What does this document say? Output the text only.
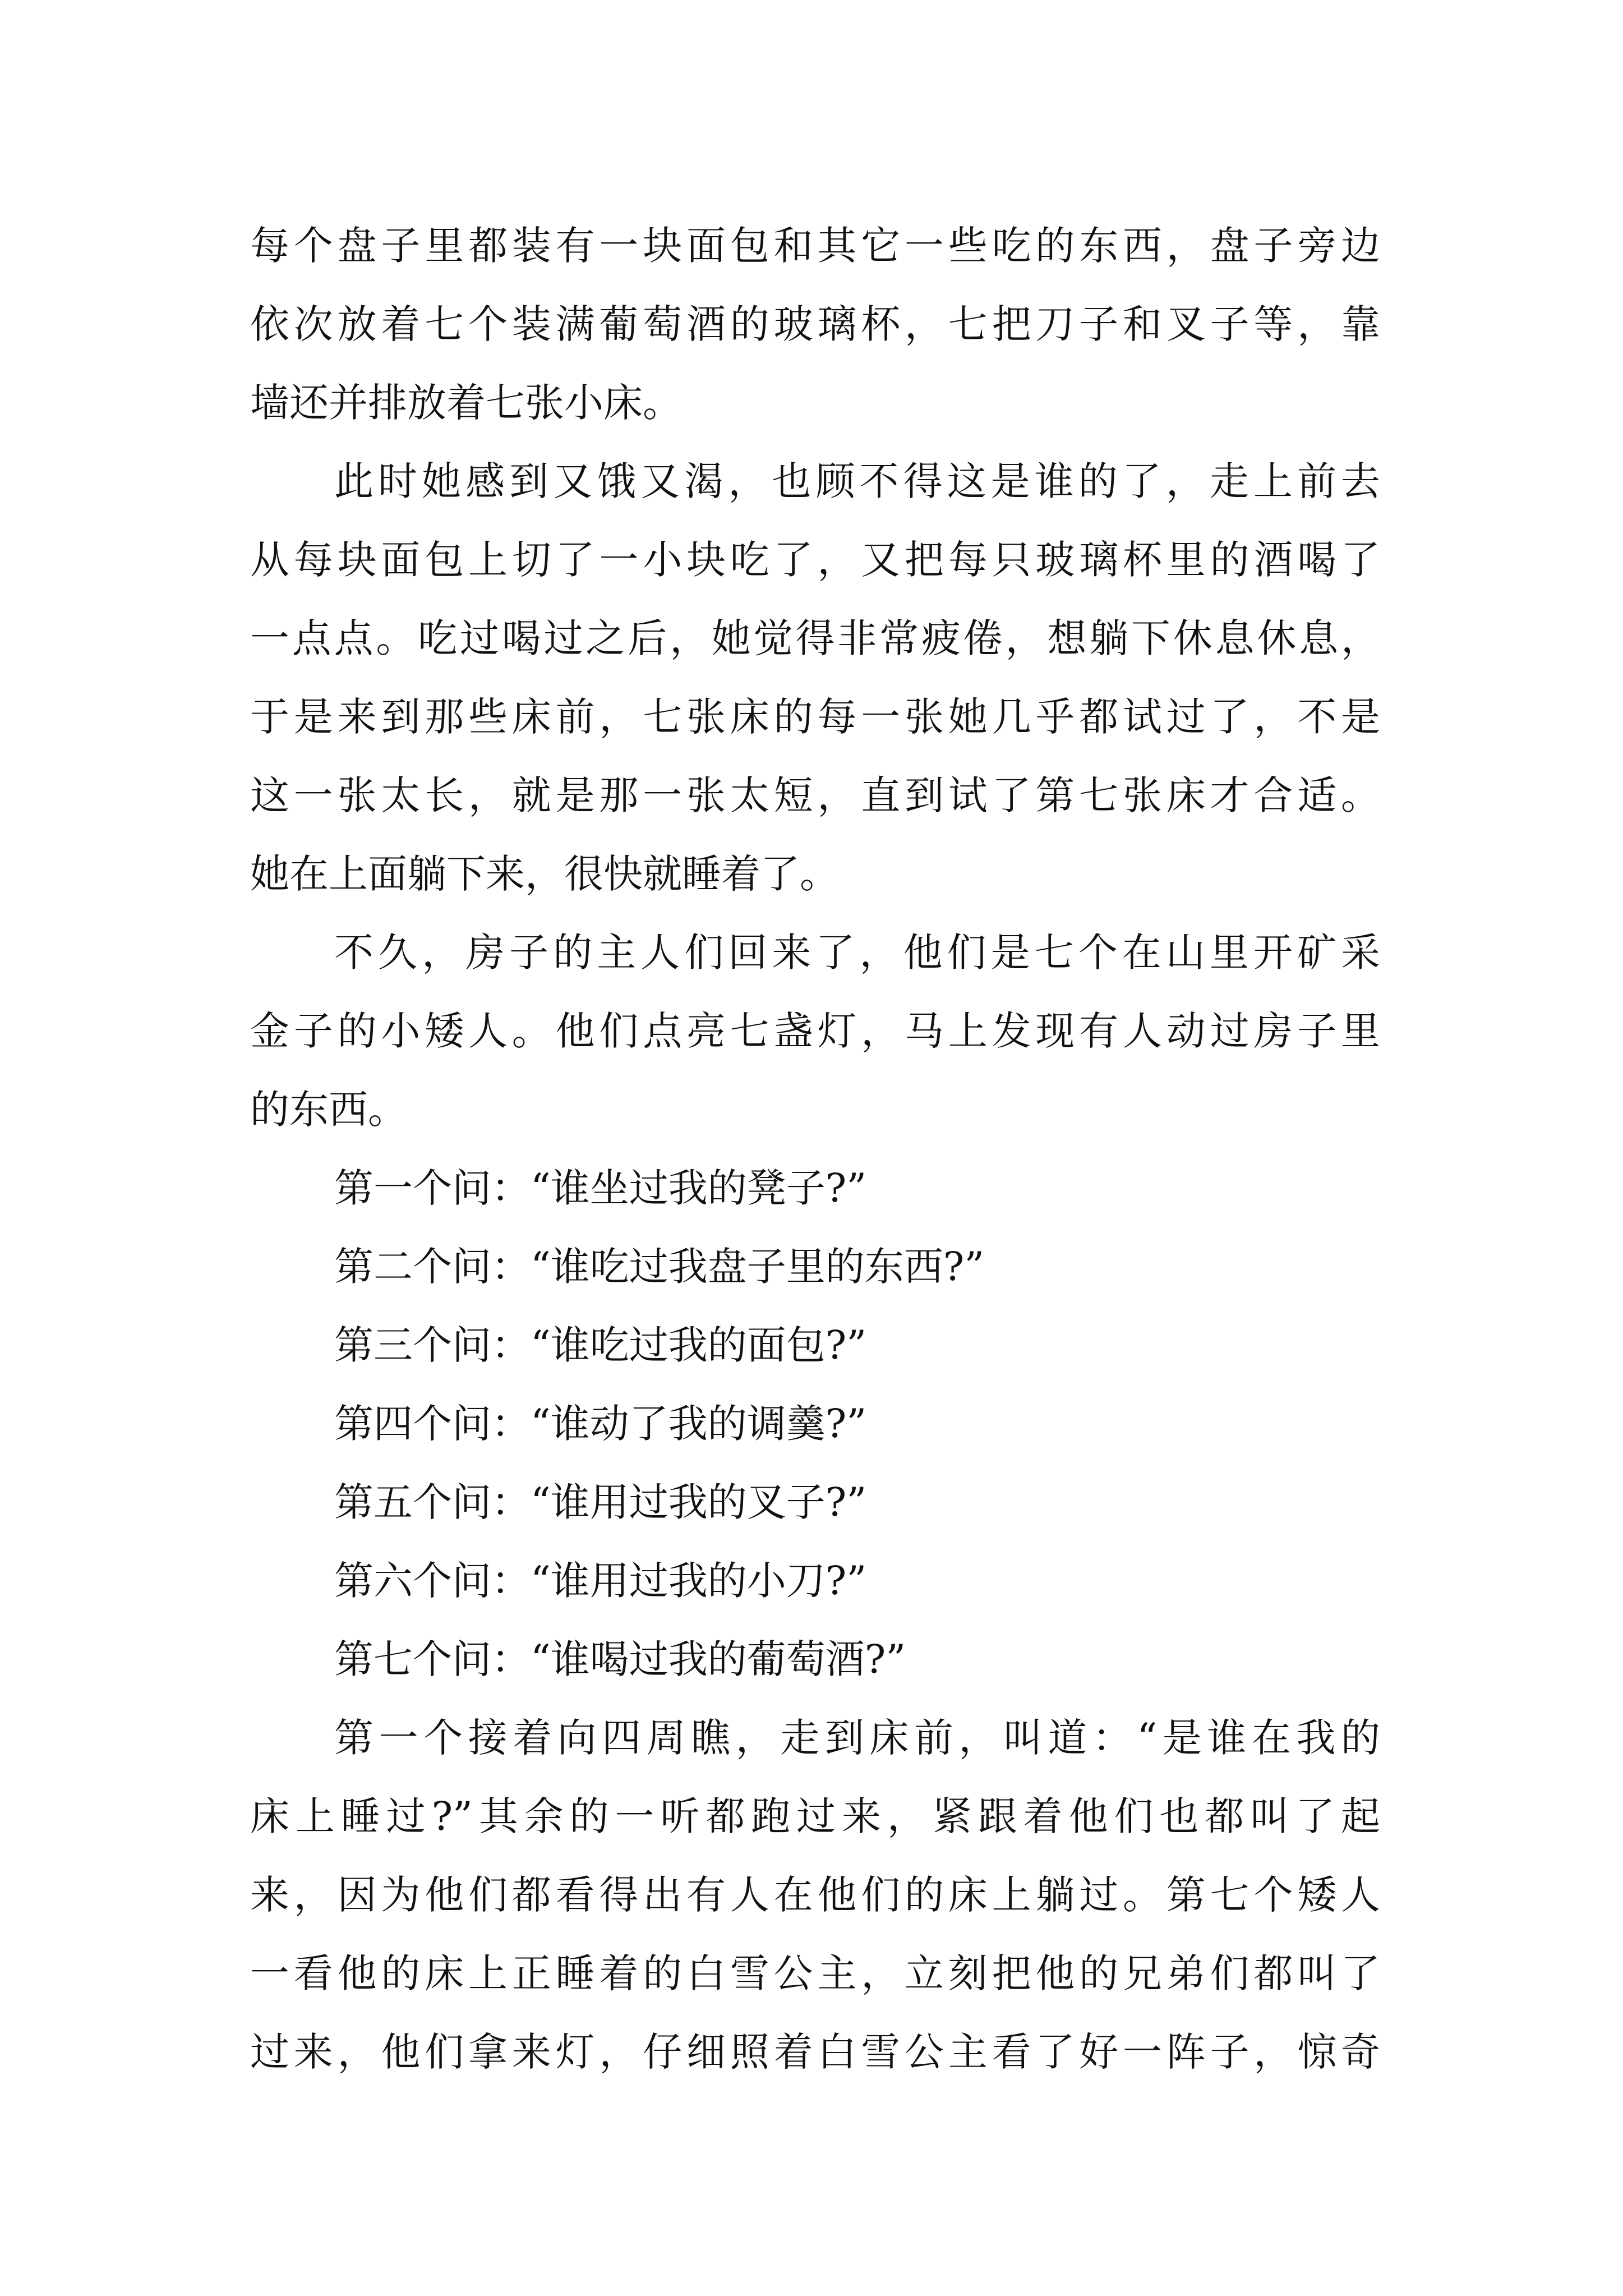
每个盘子里都装有一块面包和其它一些吃的东西，盘子旁边
依次放着七个装满葡萄酒的玻璃杯，七把刀子和叉子等，靠
墙还并排放着七张小床。
此时她感到又饿又渴，也顾不得这是谁的了，走上前去
从每块面包上切了一小块吃了，又把每只玻璃杯里的酒喝了
一点点。吃过喝过之后，她觉得非常疲倦，想躺下休息休息，
于是来到那些床前，七张床的每一张她几乎都试过了，不是
这一张太长，就是那一张太短，直到试了第七张床才合适。
她在上面躺下来，很快就睡着了。
不久，房子的主人们回来了，他们是七个在山里开矿采
金子的小矮人。他们点亮七盏灯，马上发现有人动过房子里
的东西。
第一个问：“谁坐过我的凳子?”
第二个问：“谁吃过我盘子里的东西?”
第三个问：“谁吃过我的面包?”
第四个问：“谁动了我的调羹?”
第五个问：“谁用过我的叉子?”
第六个问：“谁用过我的小刀?”
第七个问：“谁喝过我的葡萄酒?”
第一个接着向四周瞧，走到床前，叫道：“是谁在我的
床上睡过?”其余的一听都跑过来，紧跟着他们也都叫了起
来，因为他们都看得出有人在他们的床上躺过。第七个矮人
一看他的床上正睡着的白雪公主，立刻把他的兄弟们都叫了
过来，他们拿来灯，仔细照着白雪公主看了好一阵子，惊奇
